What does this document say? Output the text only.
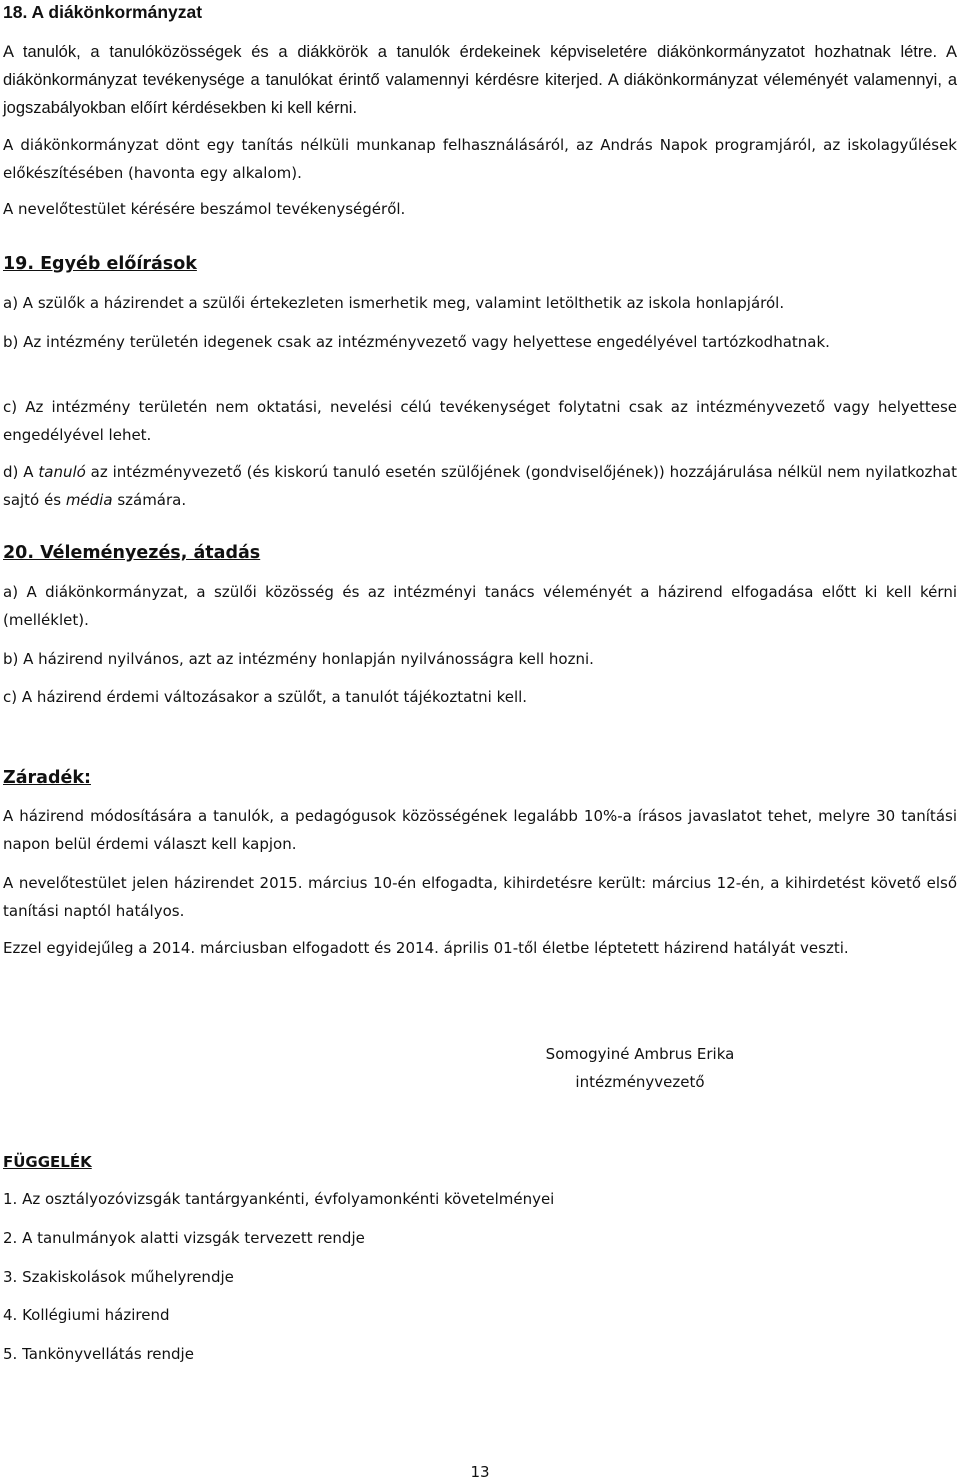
18. A diákönkormányzat

A tanulók, a tanulóközösségek és a diákkörök a tanulók érdekeinek képviseletére diákönkormányzatot hozhatnak létre. A diákönkormányzat tevékenysége a tanulókat érintő valamennyi kérdésre kiterjed. A diákönkormányzat véleményét valamennyi, a jogszabályokban előírt kérdésekben ki kell kérni.

A diákönkormányzat dönt egy tanítás nélküli munkanap felhasználásáról, az András Napok programjáról, az iskolagyűlések előkészítésében (havonta egy alkalom).

A nevelőtestület kérésére beszámol tevékenységéről.

19. Egyéb előírások

a) A szülők a házirendet a szülői értekezleten ismerhetik meg, valamint letölthetik az iskola honlapjáról.

b) Az intézmény területén idegenek csak az intézményvezető vagy helyettese engedélyével tartózkodhatnak.

c) Az intézmény területén nem oktatási, nevelési célú tevékenységet folytatni csak az intézményvezető vagy helyettese engedélyével lehet.

d) A tanuló az intézményvezető (és kiskorú tanuló esetén szülőjének (gondviselőjének)) hozzájárulása nélkül nem nyilatkozhat sajtó és média számára.

20. Véleményezés, átadás

a) A diákönkormányzat, a szülői közösség és az intézményi tanács véleményét a házirend elfogadása előtt ki kell kérni (melléklet).

b) A házirend nyilvános, azt az intézmény honlapján nyilvánosságra kell hozni.

c) A házirend érdemi változásakor a szülőt, a tanulót tájékoztatni kell.

Záradék:

A házirend módosítására a tanulók, a pedagógusok közösségének legalább 10%-a írásos javaslatot tehet, melyre 30 tanítási napon belül érdemi választ kell kapjon.

A nevelőtestület jelen házirendet 2015. március 10-én elfogadta, kihirdetésre került: március 12-én, a kihirdetést követő első tanítási naptól hatályos.

Ezzel egyidejűleg a 2014. márciusban elfogadott és 2014. április 01-től életbe léptetett házirend hatályát veszti.

Somogyiné Ambrus Erika
intézményvezető
FÜGGELÉK
1. Az osztályozóvizsgák tantárgyankénti, évfolyamonkénti követelményei
2. A tanulmányok alatti vizsgák tervezett rendje
3. Szakiskolások műhelyrendje
4. Kollégiumi házirend
5. Tankönyvellátás rendje
13
